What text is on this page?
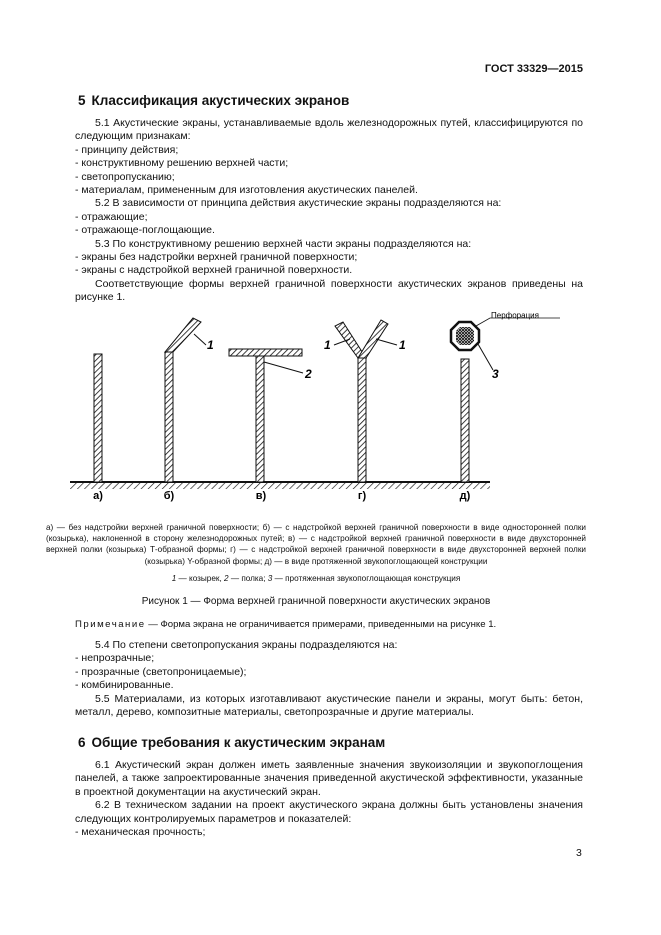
ГОСТ 33329—2015
5 Классификация акустических экранов

5.1 Акустические экраны, устанавливаемые вдоль железнодорожных путей, классифицируются по следующим признакам:

- принципу действия;

- конструктивному решению верхней части;

- светопропусканию;

- материалам, примененным для изготовления акустических панелей.

5.2 В зависимости от принципа действия акустические экраны подразделяются на:

- отражающие;

- отражающе-поглощающие.

5.3 По конструктивному решению верхней части экраны подразделяются на:

- экраны без надстройки верхней граничной поверхности;

- экраны с надстройкой верхней граничной поверхности.

Соответствующие формы верхней граничной поверхности акустических экранов приведены на рисунке 1.

1
2
1	1
3
Перфорация
а)	б)	в)	г)	д)
а) — без надстройки верхней граничной поверхности; б) — с надстройкой верхней граничной поверхности в виде односторонней полки (козырька), наклоненной в сторону железнодорожных путей; в) — с надстройкой верхней граничной поверхности в виде двухсторонней верхней полки (козырька) Т-образной формы; г) — с надстройкой верхней граничной поверхности в виде двухсторонней верхней полки (козырька) Y-образной формы; д) — в виде протяженной звукопоглощающей конструкции
1 — козырек, 2 — полка; 3 — протяженная звукопоглощающая конструкция
Рисунок 1 — Форма верхней граничной поверхности акустических экранов
Примечание — Форма экрана не ограничивается примерами, приведенными на рисунке 1.

5.4 По степени светопропускания экраны подразделяются на:

- непрозрачные;

- прозрачные (светопроницаемые);

- комбинированные.

5.5 Материалами, из которых изготавливают акустические панели и экраны, могут быть: бетон, металл, дерево, композитные материалы, светопрозрачные и другие материалы.

6 Общие требования к акустическим экранам

6.1 Акустический экран должен иметь заявленные значения звукоизоляции и звукопоглощения панелей, а также запроектированные значения приведенной акустической эффективности, указанные в проектной документации на акустический экран.

6.2 В техническом задании на проект акустического экрана должны быть установлены значения следующих контролируемых параметров и показателей:

- механическая прочность;

3
